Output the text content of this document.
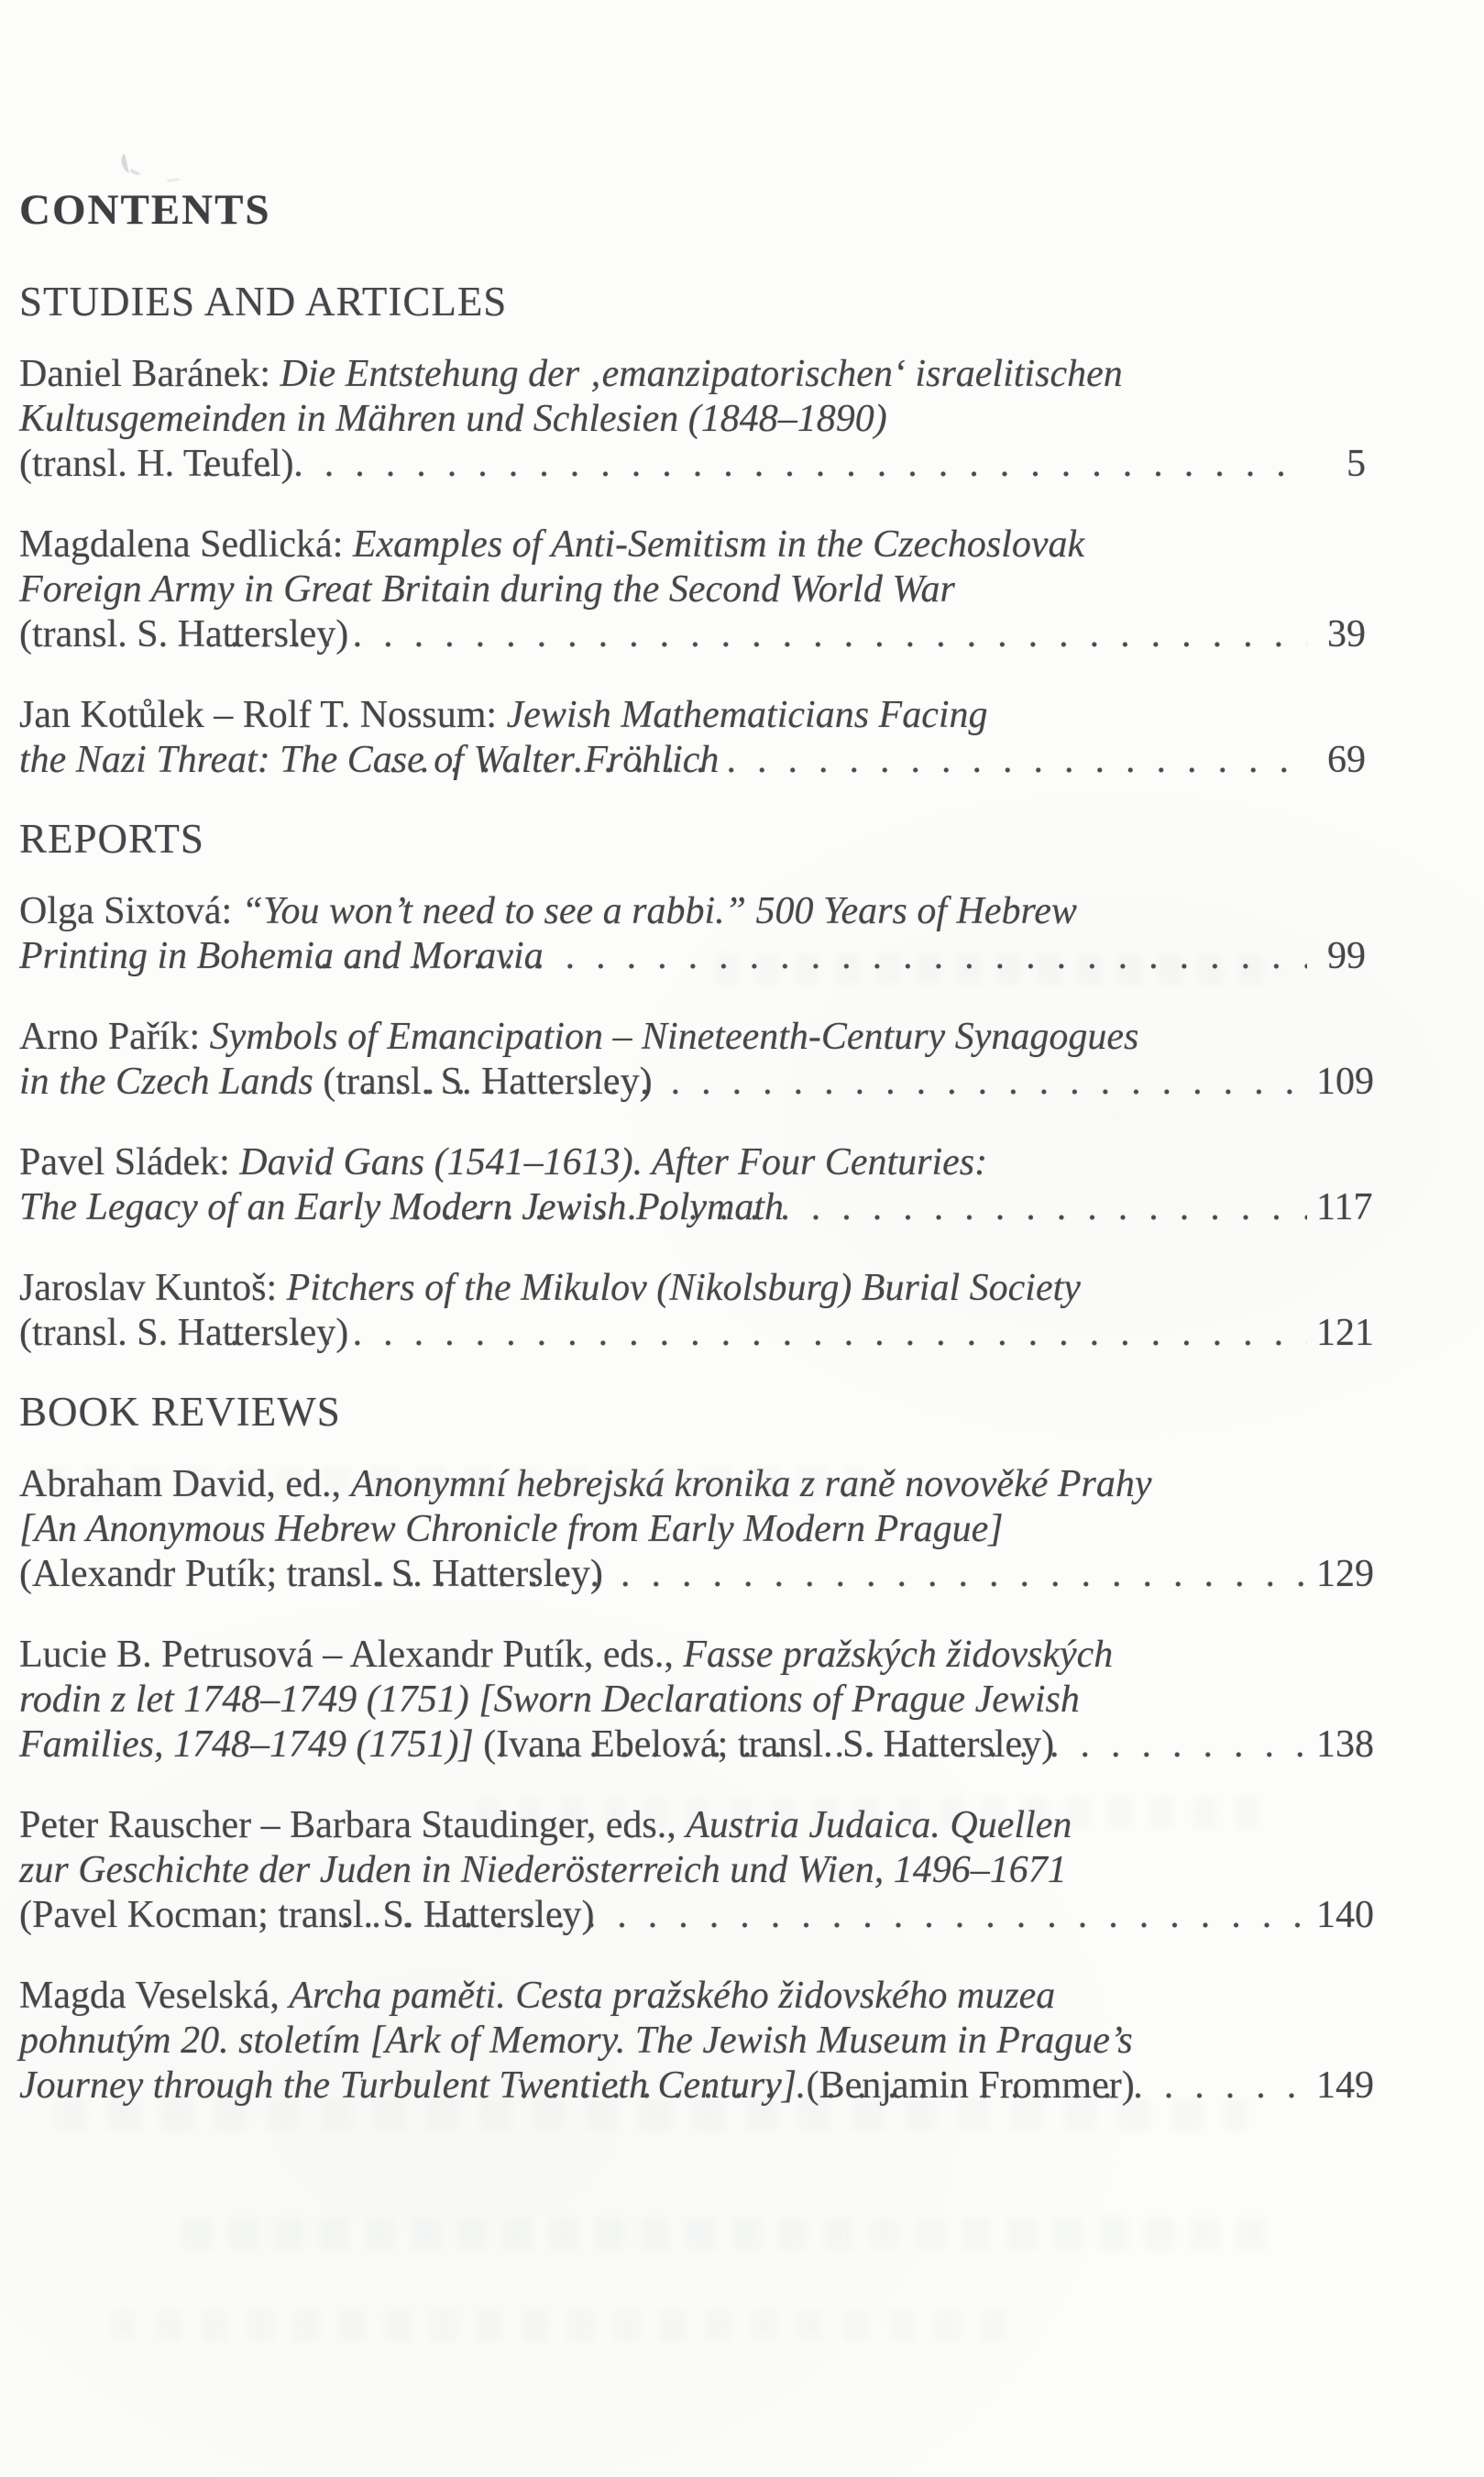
CONTENTS
STUDIES AND ARTICLES
Daniel Baránek: Die Entstehung der ‚emanzipatorischen‘ israelitischen
Kultusgemeinden in Mähren und Schlesien (1848–1890)
(transl. H. Teufel) .....	5
Magdalena Sedlická: Examples of Anti-Semitism in the Czechoslovak
Foreign Army in Great Britain during the Second World War
(transl. S. Hattersley) .....	39
Jan Kotůlek – Rolf T. Nossum: Jewish Mathematicians Facing
the Nazi Threat: The Case of Walter Fröhlich .....	69
REPORTS
Olga Sixtová: “You won’t need to see a rabbi.” 500 Years of Hebrew
Printing in Bohemia and Moravia .....	99
Arno Pařík: Symbols of Emancipation – Nineteenth-Century Synagogues
in the Czech Lands (transl. S. Hattersley) .....	109
Pavel Sládek: David Gans (1541–1613). After Four Centuries:
The Legacy of an Early Modern Jewish Polymath .....	117
Jaroslav Kuntoš: Pitchers of the Mikulov (Nikolsburg) Burial Society
(transl. S. Hattersley) .....	121
BOOK REVIEWS
Abraham David, ed., Anonymní hebrejská kronika z raně novověké Prahy
[An Anonymous Hebrew Chronicle from Early Modern Prague]
(Alexandr Putík; transl. S. Hattersley) .....	129
Lucie B. Petrusová – Alexandr Putík, eds., Fasse pražských židovských
rodin z let 1748–1749 (1751) [Sworn Declarations of Prague Jewish
Families, 1748–1749 (1751)] (Ivana Ebelová; transl. S. Hattersley) .....	138
Peter Rauscher – Barbara Staudinger, eds., Austria Judaica. Quellen
zur Geschichte der Juden in Niederösterreich und Wien, 1496–1671
(Pavel Kocman; transl. S. Hattersley) .....	140
Magda Veselská, Archa paměti. Cesta pražského židovského muzea
pohnutým 20. stoletím [Ark of Memory. The Jewish Museum in Prague’s
Journey through the Turbulent Twentieth Century] (Benjamin Frommer) .....	149
